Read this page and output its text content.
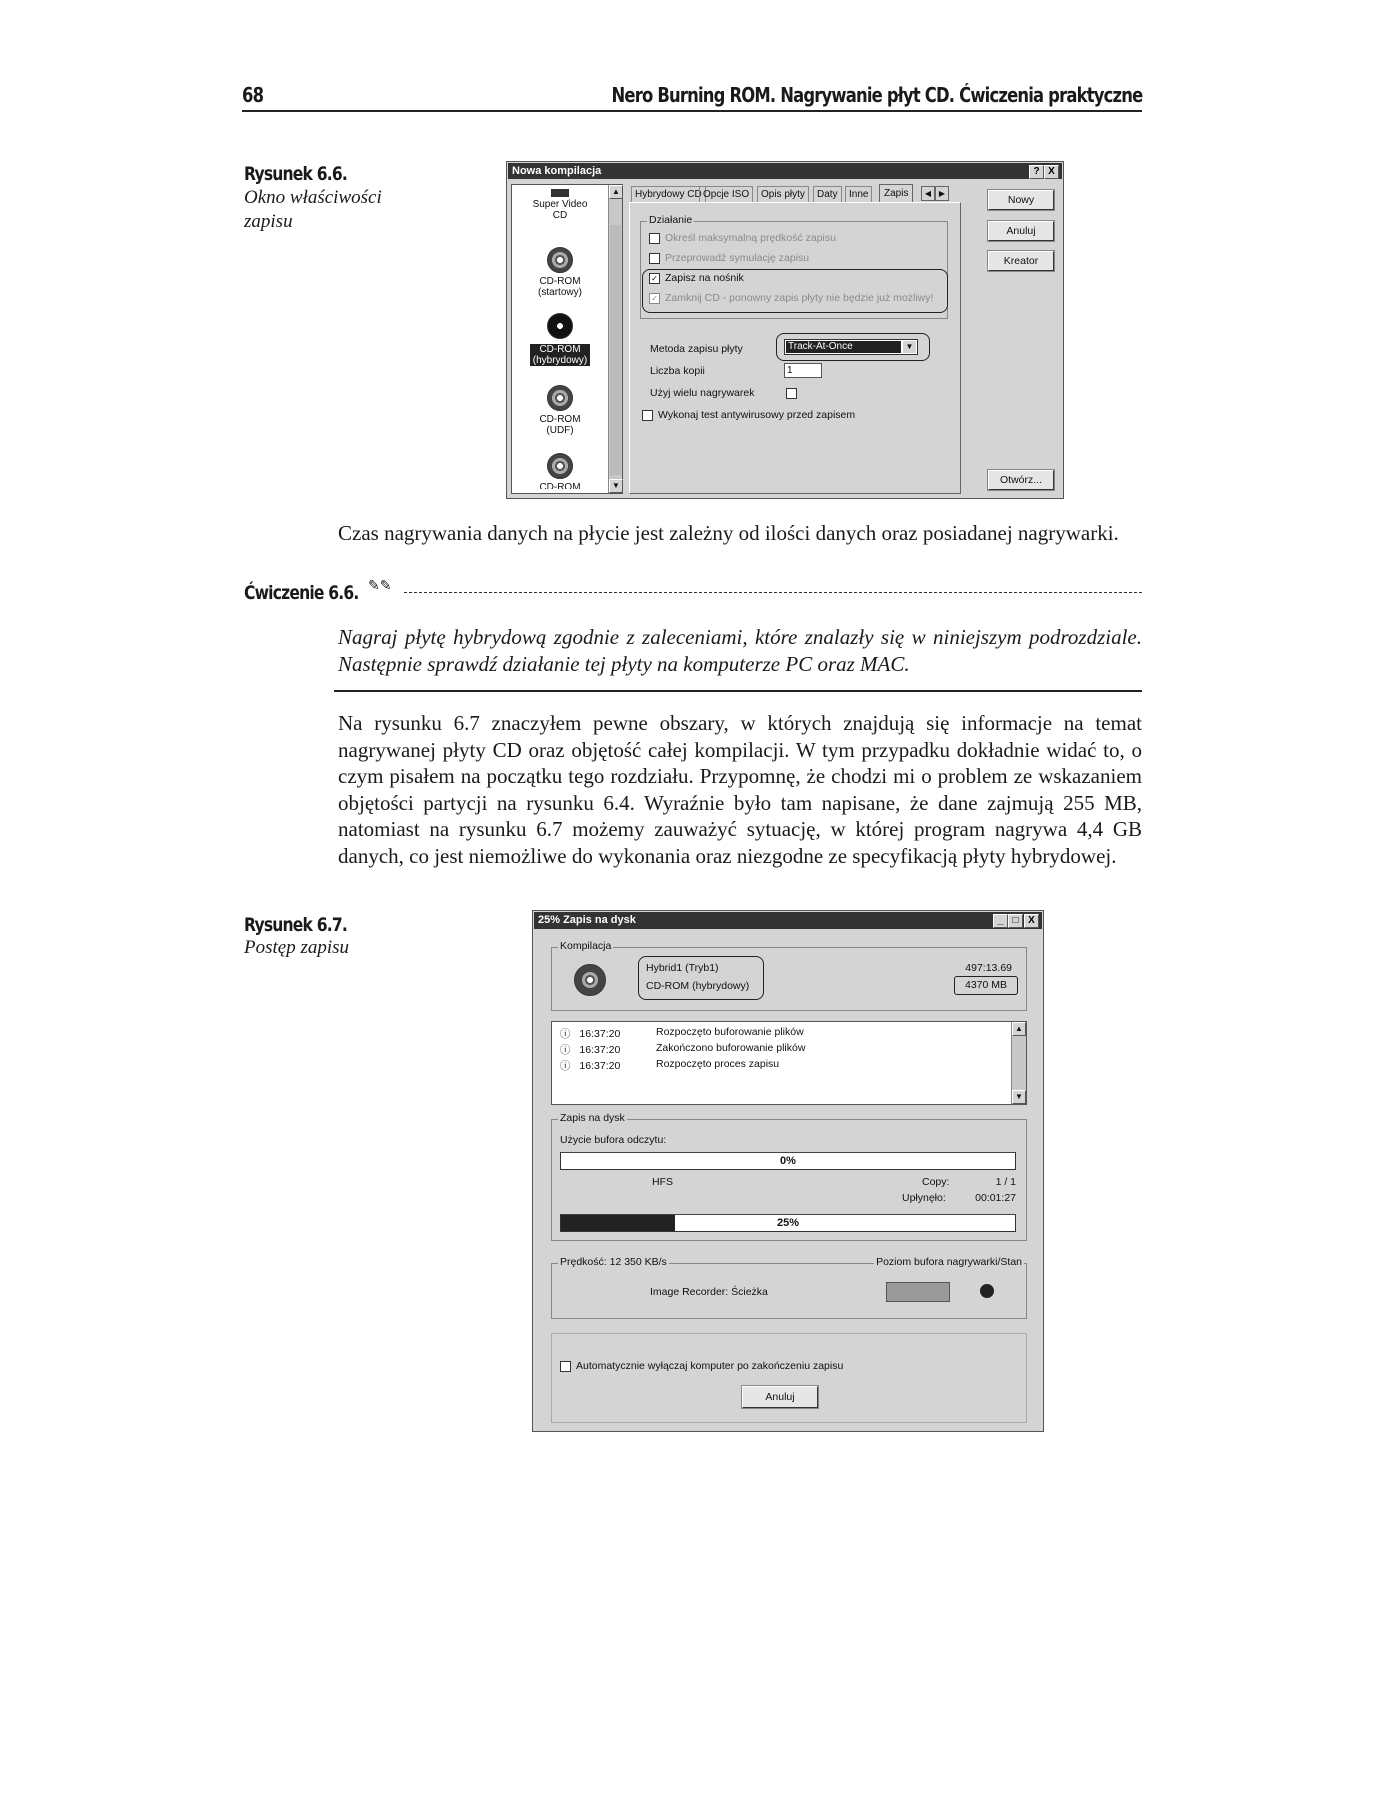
68	Nero Burning ROM. Nagrywanie płyt CD. Ćwiczenia praktyczne
Rysunek 6.6.
Okno właściwości zapisu
Nowa kompilacja	? X
Super Video
CD
CD-ROM
(startowy)
CD-ROM
(hybrydowy)
CD-ROM
(UDF)
CD-ROM
▲
▼
Hybrydowy CD Opcje ISO	Opis płyty	Daty	Inne	Zapis	◀ ▶
Działanie
Określ maksymalną prędkość zapisu
Przeprowadź symulację zapisu
✓ Zapisz na nośnik
✓ Zamknij CD - ponowny zapis płyty nie będzie już możliwy!
Metoda zapisu płyty	Track-At-Once	▼
Liczba kopii	1
Użyj wielu nagrywarek
Wykonaj test antywirusowy przed zapisem
Nowy
Anuluj
Kreator
Otwórz...
Czas nagrywania danych na płycie jest zależny od ilości danych oraz posiadanej nagrywarki.
Ćwiczenie 6.6. ✎✎
Nagraj płytę hybrydową zgodnie z zaleceniami, które znalazły się w niniejszym podrozdziale. Następnie sprawdź działanie tej płyty na komputerze PC oraz MAC.
Na rysunku 6.7 znaczyłem pewne obszary, w których znajdują się informacje na temat nagrywanej płyty CD oraz objętość całej kompilacji. W tym przypadku dokładnie widać to, o czym pisałem na początku tego rozdziału. Przypomnę, że chodzi mi o problem ze wskazaniem objętości partycji na rysunku 6.4. Wyraźnie było tam napisane, że dane zajmują 255 MB, natomiast na rysunku 6.7 możemy zauważyć sytuację, w której program nagrywa 4,4 GB danych, co jest niemożliwe do wykonania oraz niezgodne ze specyfikacją płyty hybrydowej.
Rysunek 6.7.
Postęp zapisu
25% Zapis na dysk	_ □ X
Kompilacja
Hybrid1 (Tryb1)
CD-ROM (hybrydowy)
497:13.69
4370 MB
ⓘ 16:37:20	Rozpoczęto buforowanie plików
ⓘ 16:37:20	Zakończono buforowanie plików
ⓘ 16:37:20	Rozpoczęto proces zapisu
▲
▼
Zapis na dysk
Użycie bufora odczytu:
0%
HFS	Copy:	1 / 1
Upłynęło:	00:01:27
25%
Prędkość: 12 350 KB/s	Poziom bufora nagrywarki/Stan
Image Recorder: Ścieżka
Automatycznie wyłączaj komputer po zakończeniu zapisu
Anuluj
